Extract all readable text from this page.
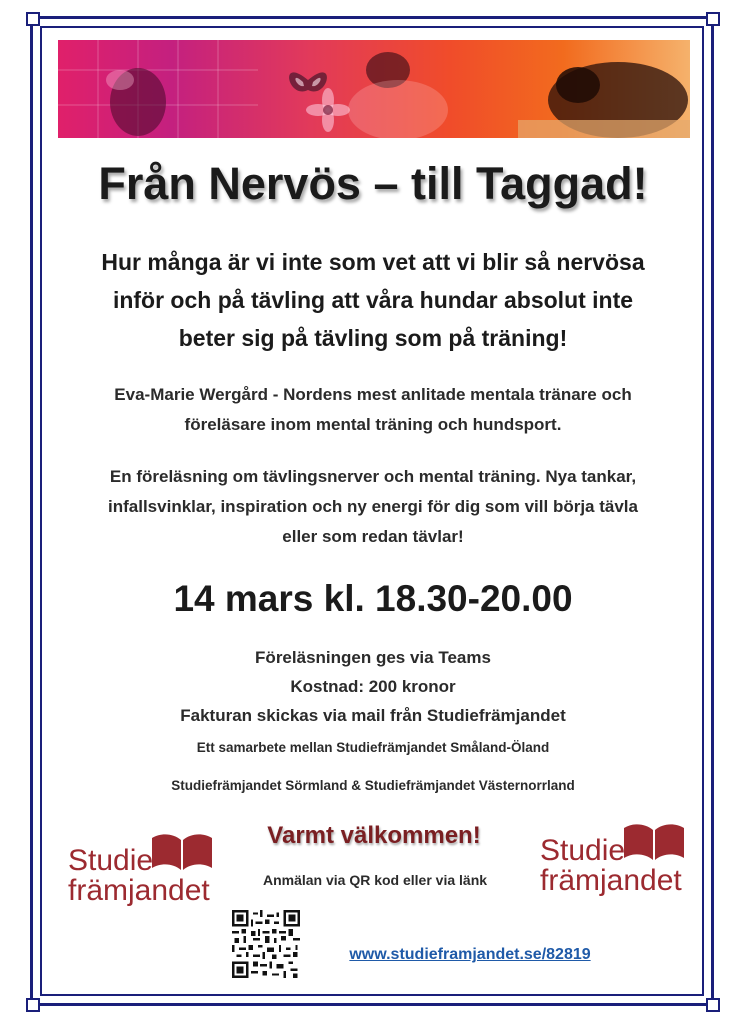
Från Nervös – till Taggad!
Hur många är vi inte som vet att vi blir så nervösa
inför och på tävling att våra hundar absolut inte
beter sig på tävling som på träning!
Eva-Marie Wergård - Nordens mest anlitade mentala tränare och
föreläsare inom mental träning och hundsport.
En föreläsning om tävlingsnerver och mental träning. Nya tankar,
infallsvinklar, inspiration och ny energi för dig som vill börja tävla
eller som redan tävlar!
14 mars kl. 18.30-20.00
Föreläsningen ges via Teams
Kostnad: 200 kronor
Fakturan skickas via mail från Studiefrämjandet
Ett samarbete mellan Studiefrämjandet Småland-Öland
Studiefrämjandet Sörmland & Studiefrämjandet Västernorrland
Studie
främjandet
Studie
främjandet
Varmt välkommen!
Anmälan via QR kod eller via länk
www.studieframjandet.se/82819
